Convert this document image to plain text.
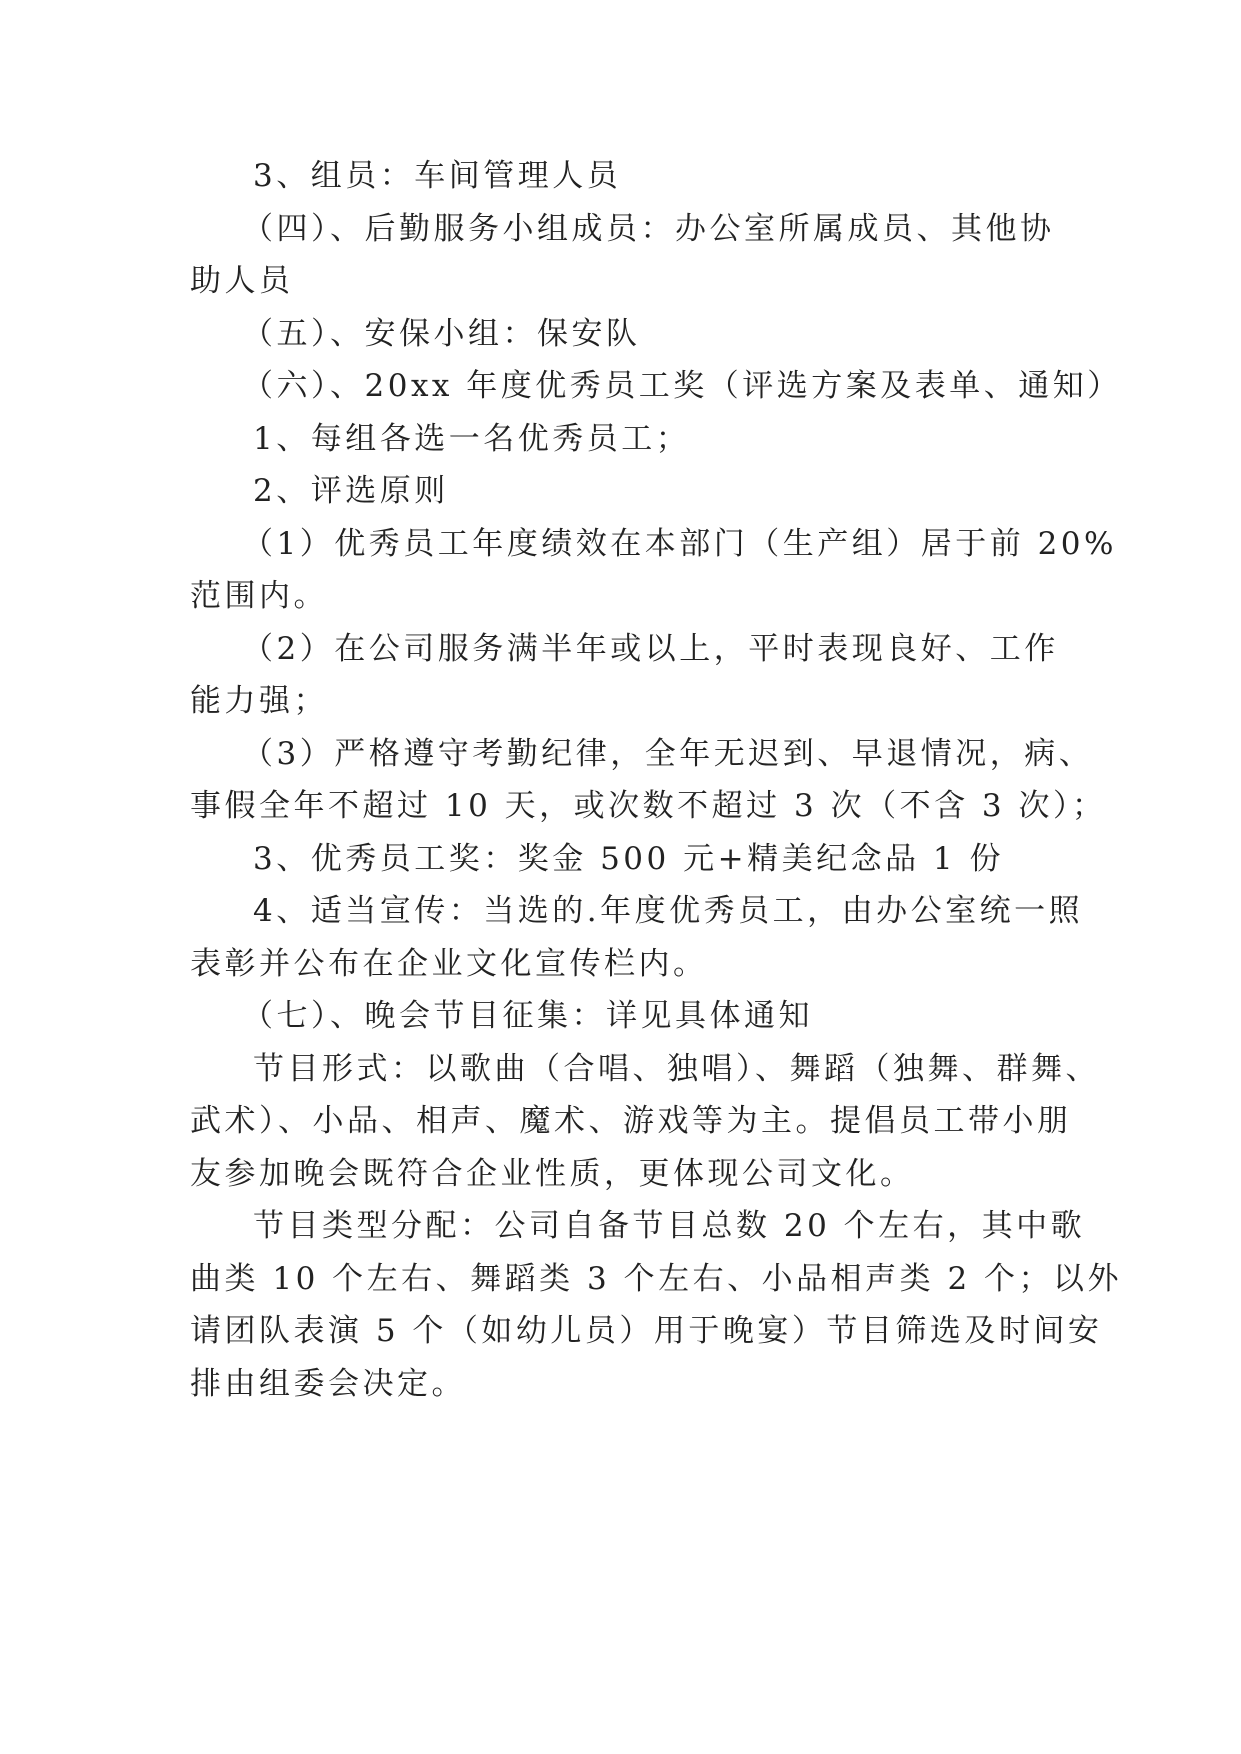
3、组员：车间管理人员
（四）、后勤服务小组成员：办公室所属成员、其他协
助人员
（五）、安保小组：保安队
（六）、20xx 年度优秀员工奖（评选方案及表单、通知）
1、每组各选一名优秀员工；
2、评选原则
（1）优秀员工年度绩效在本部门（生产组）居于前 20%
范围内。
（2）在公司服务满半年或以上，平时表现良好、工作
能力强；
（3）严格遵守考勤纪律，全年无迟到、早退情况，病、
事假全年不超过 10 天，或次数不超过 3 次（不含 3 次）；
3、优秀员工奖：奖金 500 元+精美纪念品 1 份
4、适当宣传：当选的.年度优秀员工，由办公室统一照
表彰并公布在企业文化宣传栏内。
（七）、晚会节目征集：详见具体通知
节目形式：以歌曲（合唱、独唱）、舞蹈（独舞、群舞、
武术）、小品、相声、魔术、游戏等为主。提倡员工带小朋
友参加晚会既符合企业性质，更体现公司文化。
节目类型分配：公司自备节目总数 20 个左右，其中歌
曲类 10 个左右、舞蹈类 3 个左右、小品相声类 2 个；以外
请团队表演 5 个（如幼儿员）用于晚宴）节目筛选及时间安
排由组委会决定。
